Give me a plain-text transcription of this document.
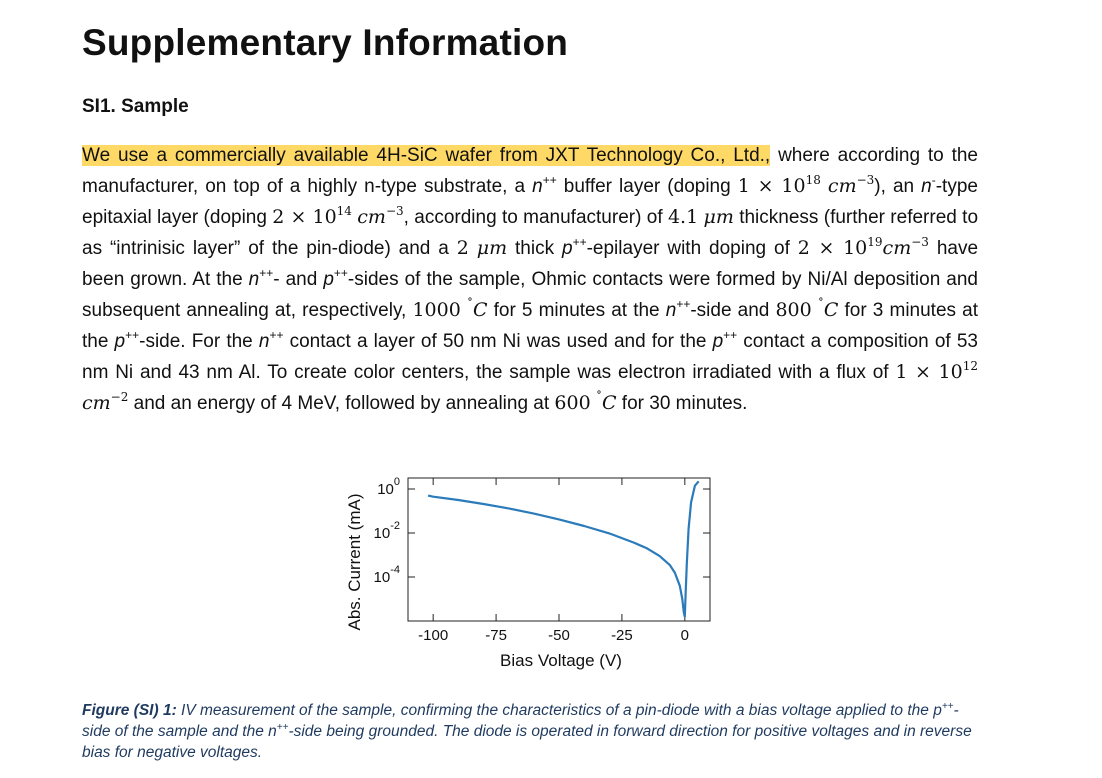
Supplementary Information
SI1. Sample

We use a commercially available 4H-SiC wafer from JXT Technology Co., Ltd., where according to the manufacturer, on top of a highly n-type substrate, a n++ buffer layer (doping $1 \times 10^{18}$ $cm^{-3}$), an n--type epitaxial layer (doping $2 \times 10^{14}$ $cm^{-3}$, according to manufacturer) of 4.1 μm thickness (further referred to as “intrinisic layer” of the pin-diode) and a 2 μm thick p++-epilayer with doping of $2 \times 10^{19}cm^{-3}$ have been grown. At the n++- and p++-sides of the sample, Ohmic contacts were formed by Ni/Al deposition and subsequent annealing at, respectively, 1000 ˚C for 5 minutes at the n++-side and 800 ˚C for 3 minutes at the p++-side. For the n++ contact a layer of 50 nm Ni was used and for the p++ contact a composition of 53 nm Ni and 43 nm Al. To create color centers, the sample was electron irradiated with a flux of $1 \times 10^{12}$ $cm^{-2}$ and an energy of 4 MeV, followed by annealing at 600 ˚C for 30 minutes.

-100 -75	-50	-25	0
$10^0$
$10^{-2}$
$10^{-4}$
Bias Voltage (V)
Abs. Current (mA)

Figure (SI) 1: IV measurement of the sample, confirming the characteristics of a pin-diode with a bias voltage applied to the p++-side of the sample and the n++-side being grounded. The diode is operated in forward direction for positive voltages and in reverse bias for negative voltages.
